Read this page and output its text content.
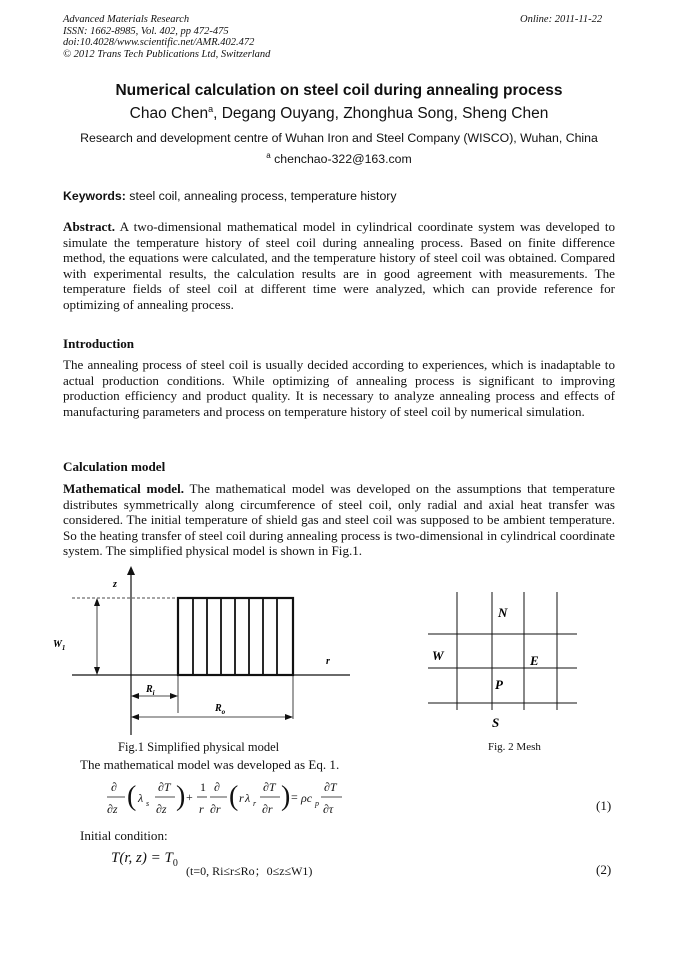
Advanced Materials Research
ISSN: 1662-8985, Vol. 402, pp 472-475
doi:10.4028/www.scientific.net/AMR.402.472
© 2012 Trans Tech Publications Ltd, Switzerland
Online: 2011-11-22
Numerical calculation on steel coil during annealing process
Chao Chen$^a$, Degang Ouyang, Zhonghua Song, Sheng Chen
Research and development centre of Wuhan Iron and Steel Company (WISCO), Wuhan, China
$^a$ chenchao-322@163.com
Keywords: steel coil, annealing process, temperature history
Abstract. A two-dimensional mathematical model in cylindrical coordinate system was developed to simulate the temperature history of steel coil during annealing process. Based on finite difference method, the equations were calculated, and the temperature history of steel coil was obtained. Compared with experimental results, the calculation results are in good agreement with measurements. The temperature fields of steel coil at different time were analyzed, which can provide reference for optimizing of annealing process.
Introduction
The annealing process of steel coil is usually decided according to experiences, which is inadaptable to actual production conditions. While optimizing of annealing process is significant to improving production efficiency and product quality. It is necessary to analyze annealing process and effects of manufacturing parameters and process on temperature history of steel coil by numerical simulation.
Calculation model
Mathematical model. The mathematical model was developed on the assumptions that temperature distributes symmetrically along circumference of steel coil, only radial and axial heat transfer was considered. The initial temperature of shield gas and steel coil was supposed to be ambient temperature. So the heating transfer of steel coil during annealing process is two-dimensional in cylindrical coordinate system. The simplified physical model is shown in Fig.1.
z
r
$W_1$
$R_i$
$R_o$
Fig.1 Simplified physical model
N
W	E
P
S
Fig. 2 Mesh
The mathematical model was developed as Eq. 1.
∂
∂z ( λ s
∂T
∂z ) +
1
r
∂
∂r ( r λ r
∂T
∂r ) = ρc p
∂T
∂τ	(1)
Initial condition:
T(r, $z) = T_0$
(t=0, Ri≤r≤Ro；0≤z≤W1)	(2)
